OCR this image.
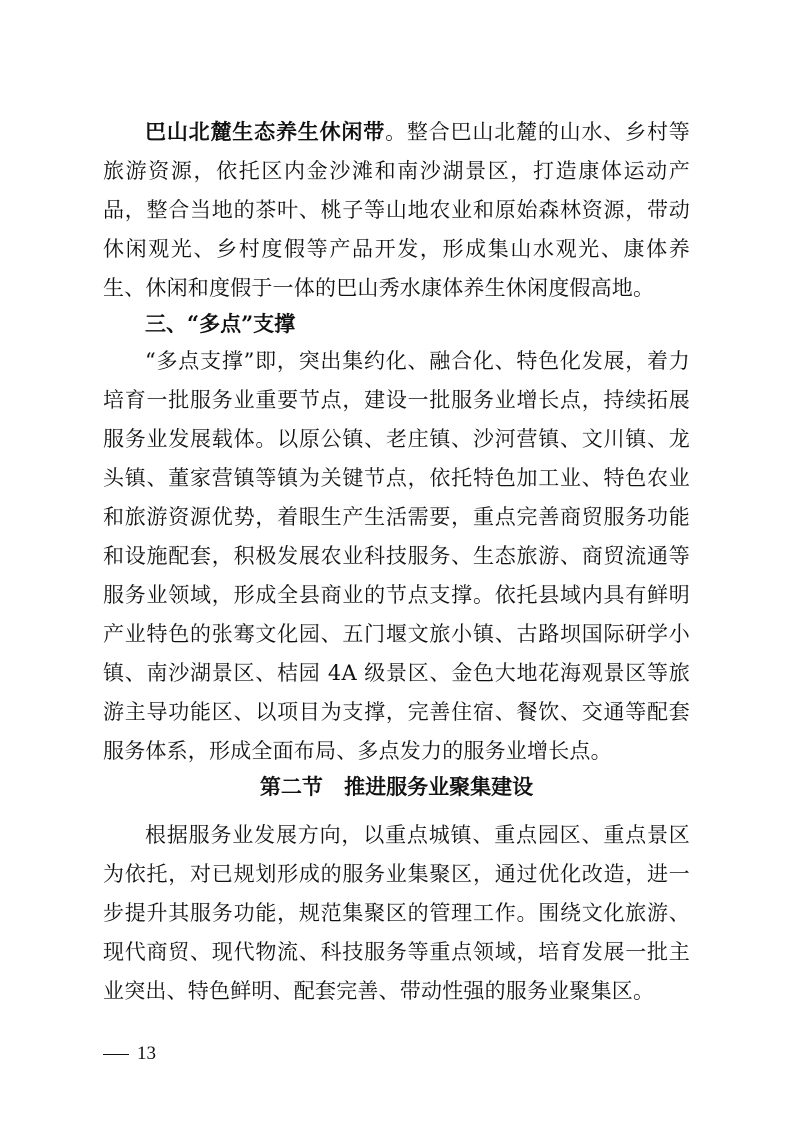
巴山北麓生态养生休闲带。整合巴山北麓的山水、乡村等旅游资源，依托区内金沙滩和南沙湖景区，打造康体运动产品，整合当地的茶叶、桃子等山地农业和原始森林资源，带动休闲观光、乡村度假等产品开发，形成集山水观光、康体养生、休闲和度假于一体的巴山秀水康体养生休闲度假高地。

三、“多点”支撑

“多点支撑”即，突出集约化、融合化、特色化发展，着力培育一批服务业重要节点，建设一批服务业增长点，持续拓展服务业发展载体。以原公镇、老庄镇、沙河营镇、文川镇、龙头镇、董家营镇等镇为关键节点，依托特色加工业、特色农业和旅游资源优势，着眼生产生活需要，重点完善商贸服务功能和设施配套，积极发展农业科技服务、生态旅游、商贸流通等服务业领域，形成全县商业的节点支撑。依托县域内具有鲜明产业特色的张骞文化园、五门堰文旅小镇、古路坝国际研学小镇、南沙湖景区、桔园 4A 级景区、金色大地花海观景区等旅游主导功能区、以项目为支撑，完善住宿、餐饮、交通等配套服务体系，形成全面布局、多点发力的服务业增长点。

第二节 推进服务业聚集建设

根据服务业发展方向，以重点城镇、重点园区、重点景区为依托，对已规划形成的服务业集聚区，通过优化改造，进一步提升其服务功能，规范集聚区的管理工作。围绕文化旅游、现代商贸、现代物流、科技服务等重点领域，培育发展一批主业突出、特色鲜明、配套完善、带动性强的服务业聚集区。

13
